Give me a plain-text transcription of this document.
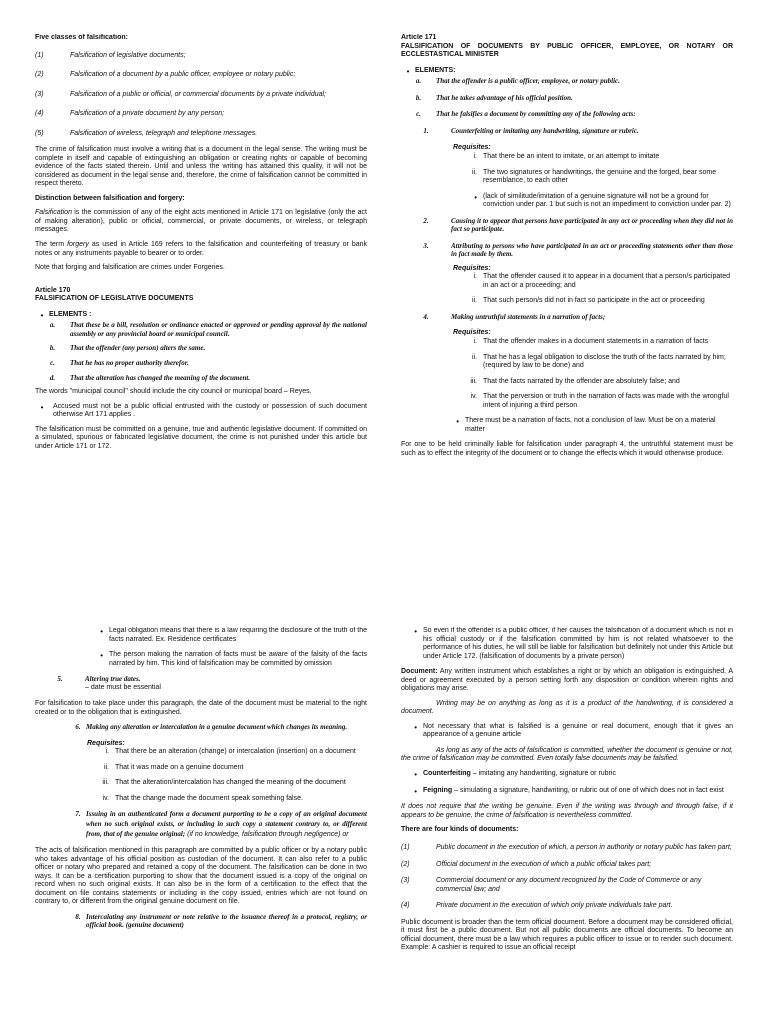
Five classes of falsification:

(1)	Falsification of legislative documents;
(2)	Falsification of a document by a public officer, employee or notary public;
(3)	Falsification of a public or official, or commercial documents by a private individual;
(4)	Falsification of a private document by any person;
(5)	Falsification of wireless, telegraph and telephone messages.

The crime of falsification must involve a writing that is a document in the legal sense. The writing must be complete in itself and capable of extinguishing an obligation or creating rights or capable of becoming evidence of the facts stated therein. Until and unless the writing has attained this quality, it will not be considered as document in the legal sense and, therefore, the crime of falsification cannot be committed in respect thereto.

Distinction between falsification and forgery:

Falsification is the commission of any of the eight acts mentioned in Article 171 on legislative (only the act of making alteration), public or official, commercial, or private documents, or wireless, or telegraph messages.

The term forgery as used in Article 169 refers to the falsification and counterfeiting of treasury or bank notes or any instruments payable to bearer or to order.

Note that forging and falsification are crimes under Forgeries.

Article 170

FALSIFICATION OF LEGISLATIVE DOCUMENTS

• ELEMENTS :
a.	That these be a bill, resolution or ordinance enacted or approved or pending approval by the national assembly or any provincial board or municipal council.
b.	That the offender (any person) alters the same.
c.	That he has no proper authority therefor.
d.	That the alteration has changed the meaning of the document.

The words "municipal council" should include the city council or municipal board – Reyes.

•	Accused must not be a public official entrusted with the custody or possession of such document otherwise Art 171 applies .

The falsification must be committed on a genuine, true and authentic legislative document. If committed on a simulated, spurious or fabricated legislative document, the crime is not punished under this article but under Article 171 or 172.

Article 171

FALSIFICATION OF DOCUMENTS BY PUBLIC OFFICER, EMPLOYEE, OR NOTARY OR ECCLESTASTICAL MINISTER

• ELEMENTS:
a.	That the offender is a public officer, employee, or notary public.
b.	That he takes advantage of his official position.
c.	That he falsifies a document by committing any of the following acts:
1.	Counterfeiting or imitating any handwriting, signature or rubric.

Requisites:

i. That there be an intent to imitate, or an attempt to imitate
ii. The two signatures or handwritings, the genuine and the forged, bear some resemblance, to each other
• (lack of similitude/imitation of a genuine signature will not be a ground for conviction under par. 1 but such is not an impediment to conviction under par. 2)
2.	Causing it to appear that persons have participated in any act or proceeding when they did not in fact so participate.
3.	Attributing to persons who have participated in an act or proceeding statements other than those in fact made by them.

Requisites:

i. That the offender caused it to appear in a document that a person/s participated in an act or a proceeding; and
ii. That such person/s did not in fact so participate in the act or proceeding
4.	Making untruthful statements in a narration of facts;

Requisites:

i. That the offender makes in a document statements in a narration of facts
ii. That he has a legal obligation to disclose the truth of the facts narrated by him; (required by law to be done) and
iii. That the facts narrated by the offender are absolutely false; and
iv. That the perversion or truth in the narration of facts was made with the wrongful intent of injuring a third person
• There must be a narration of facts, not a conclusion of law. Must be on a material matter

For one to be held criminally liable for falsification under paragraph 4, the untruthful statement must be such as to effect the integrity of the document or to change the effects which it would otherwise produce.

• Legal obligation means that there is a law requiring the disclosure of the truth of the facts narrated. Ex. Residence certificates
• The person making the narration of facts must be aware of the falsity of the facts narrated by him. This kind of falsification may be committed by omission
5.	Altering true dates.

– date must be essential

For falsification to take place under this paragraph, the date of the document must be material to the right created or to the obligation that is extinguished.

6. Making any alteration or intercalation in a genuine document which changes its meaning.

Requisites:

i. That there be an alteration (change) or intercalation (insertion) on a document
ii. That it was made on a genuine document
iii. That the alteration/intercalation has changed the meaning of the document
iv. That the change made the document speak something false.
7. Issuing in an authenticated form a document purporting to be a copy of an original document when no such original exists, or including in such copy a statement contrary to, or different from, that of the genuine original; (if no knowledge, falsification through negligence) or

The acts of falsification mentioned in this paragraph are committed by a public officer or by a notary public who takes advantage of his official position as custodian of the document. It can also refer to a public officer or notary who prepared and retained a copy of the document. The falsification can be done in two ways. It can be a certification purporting to show that the document issued is a copy of the original on record when no such original exists. It can also be in the form of a certification to the effect that the document on file contains statements or including in the copy issued, entries which are not found on contrary to, or different from the original genuine document on file.

8. Intercalating any instrument or note relative to the issuance thereof in a protocol, registry, or official book. (genuine document)
• So even if the offender is a public officer, if her causes the falsification of a document which is not in his official custody or if the falsification committed by him is not related whatsoever to the performance of his duties, he will still be liable for falsification but definitely not under this Article but under Article 172. (falsification of documents by a private person)

Document: Any written instrument which establishes a right or by which an obligation is extinguished. A deed or agreement executed by a person setting forth any disposition or condition wherein rights and obligations may arise.

Writing may be on anything as long as it is a product of the handwriting, it is considered a document.

• Not necessary that what is falsified is a genuine or real document, enough that it gives an appearance of a genuine article

As long as any of the acts of falsification is committed, whether the document is genuine or not, the crime of falsification may be committed. Even totally false documents may be falsified.

• Counterfeiting – imitating any handwriting, signature or rubric
• Feigning – simulating a signature, handwriting, or rubric out of one of which does not in fact exist

It does not require that the writing be genuine. Even if the writing was through and through false, if it appears to be genuine, the crime of falsification is nevertheless committed.

There are four kinds of documents:

(1)	Public document in the execution of which, a person in authority or notary public has taken part;
(2)	Official document in the execution of which a public official takes part;
(3)	Commercial document or any document recognized by the Code of Commerce or any commercial law; and
(4)	Private document in the execution of which only private individuals take part.

Public document is broader than the term official document. Before a document may be considered official, it must first be a public document. But not all public documents are official documents. To become an official document, there must be a law which requires a public officer to issue or to render such document. Example: A cashier is required to issue an official receipt
